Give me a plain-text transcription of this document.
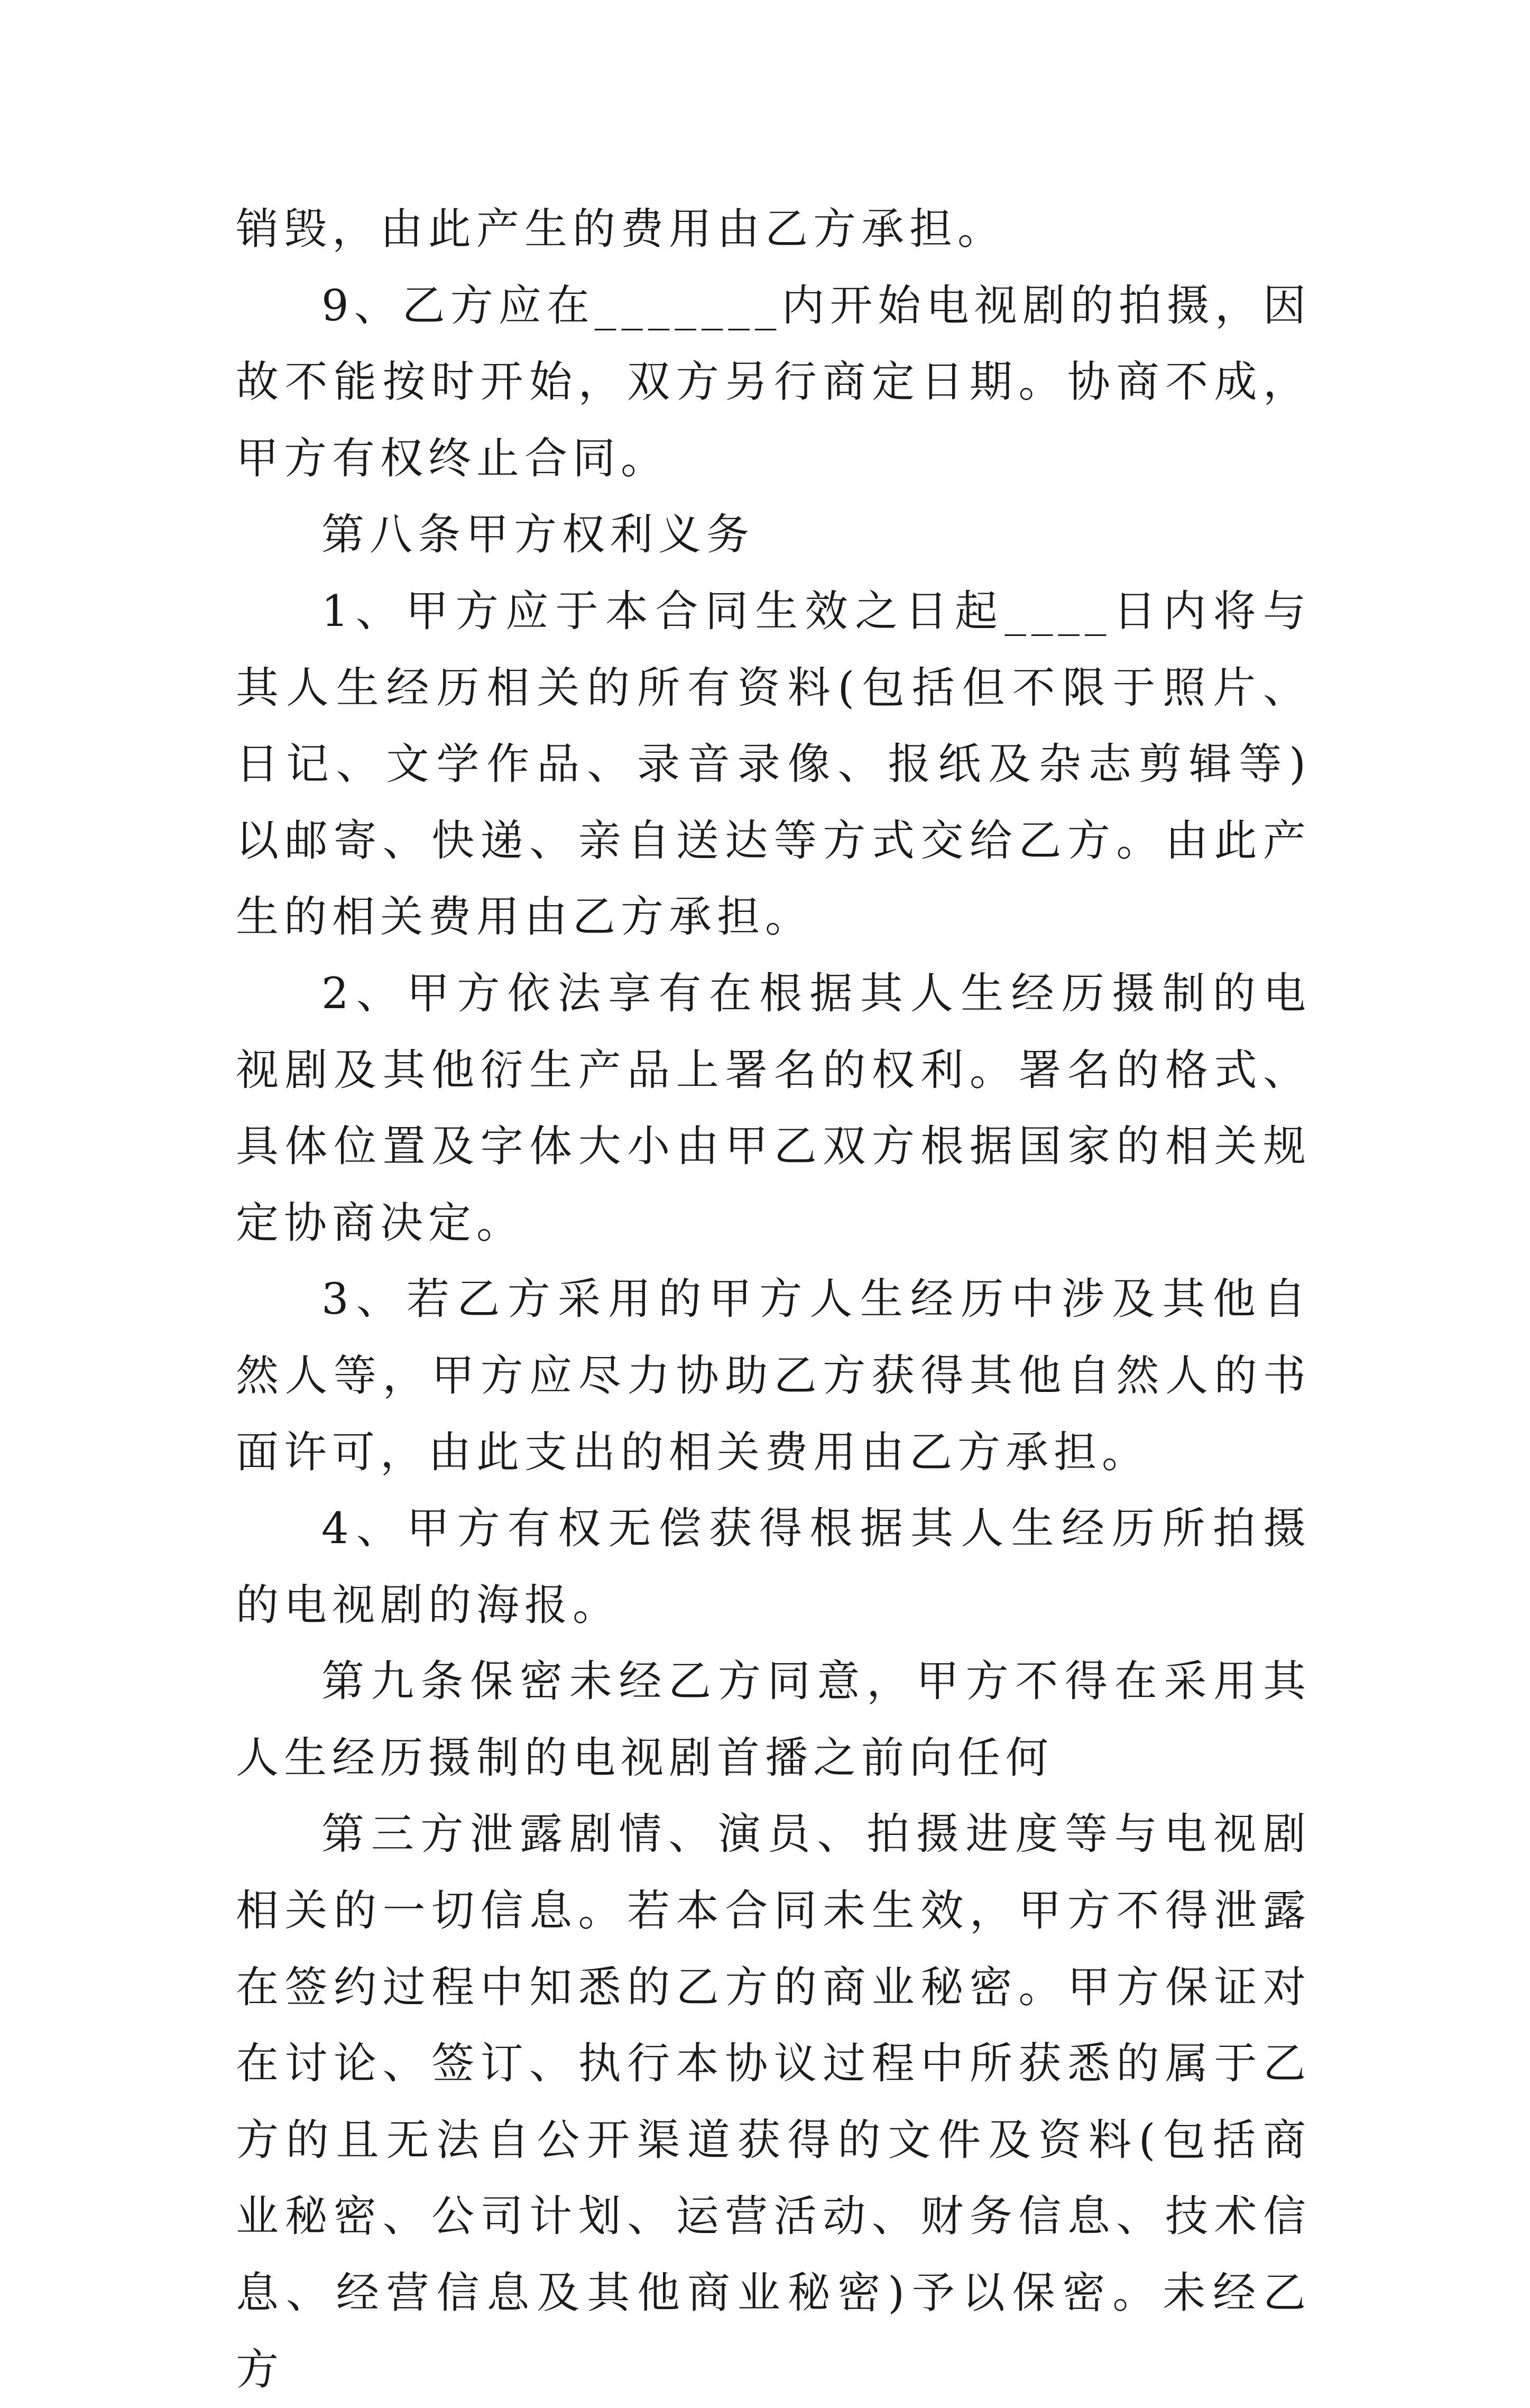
销毁，由此产生的费用由乙方承担。

9、乙方应在_______内开始电视剧的拍摄，因故不能按时开始，双方另行商定日期。协商不成，甲方有权终止合同。

第八条甲方权利义务

1、甲方应于本合同生效之日起____日内将与其人生经历相关的所有资料(包括但不限于照片、日记、文学作品、录音录像、报纸及杂志剪辑等)以邮寄、快递、亲自送达等方式交给乙方。由此产生的相关费用由乙方承担。

2、甲方依法享有在根据其人生经历摄制的电视剧及其他衍生产品上署名的权利。署名的格式、具体位置及字体大小由甲乙双方根据国家的相关规定协商决定。

3、若乙方采用的甲方人生经历中涉及其他自然人等，甲方应尽力协助乙方获得其他自然人的书面许可，由此支出的相关费用由乙方承担。

4、甲方有权无偿获得根据其人生经历所拍摄的电视剧的海报。

第九条保密未经乙方同意，甲方不得在采用其人生经历摄制的电视剧首播之前向任何

第三方泄露剧情、演员、拍摄进度等与电视剧相关的一切信息。若本合同未生效，甲方不得泄露在签约过程中知悉的乙方的商业秘密。甲方保证对在讨论、签订、执行本协议过程中所获悉的属于乙方的且无法自公开渠道获得的文件及资料(包括商业秘密、公司计划、运营活动、财务信息、技术信息、经营信息及其他商业秘密)予以保密。未经乙方
